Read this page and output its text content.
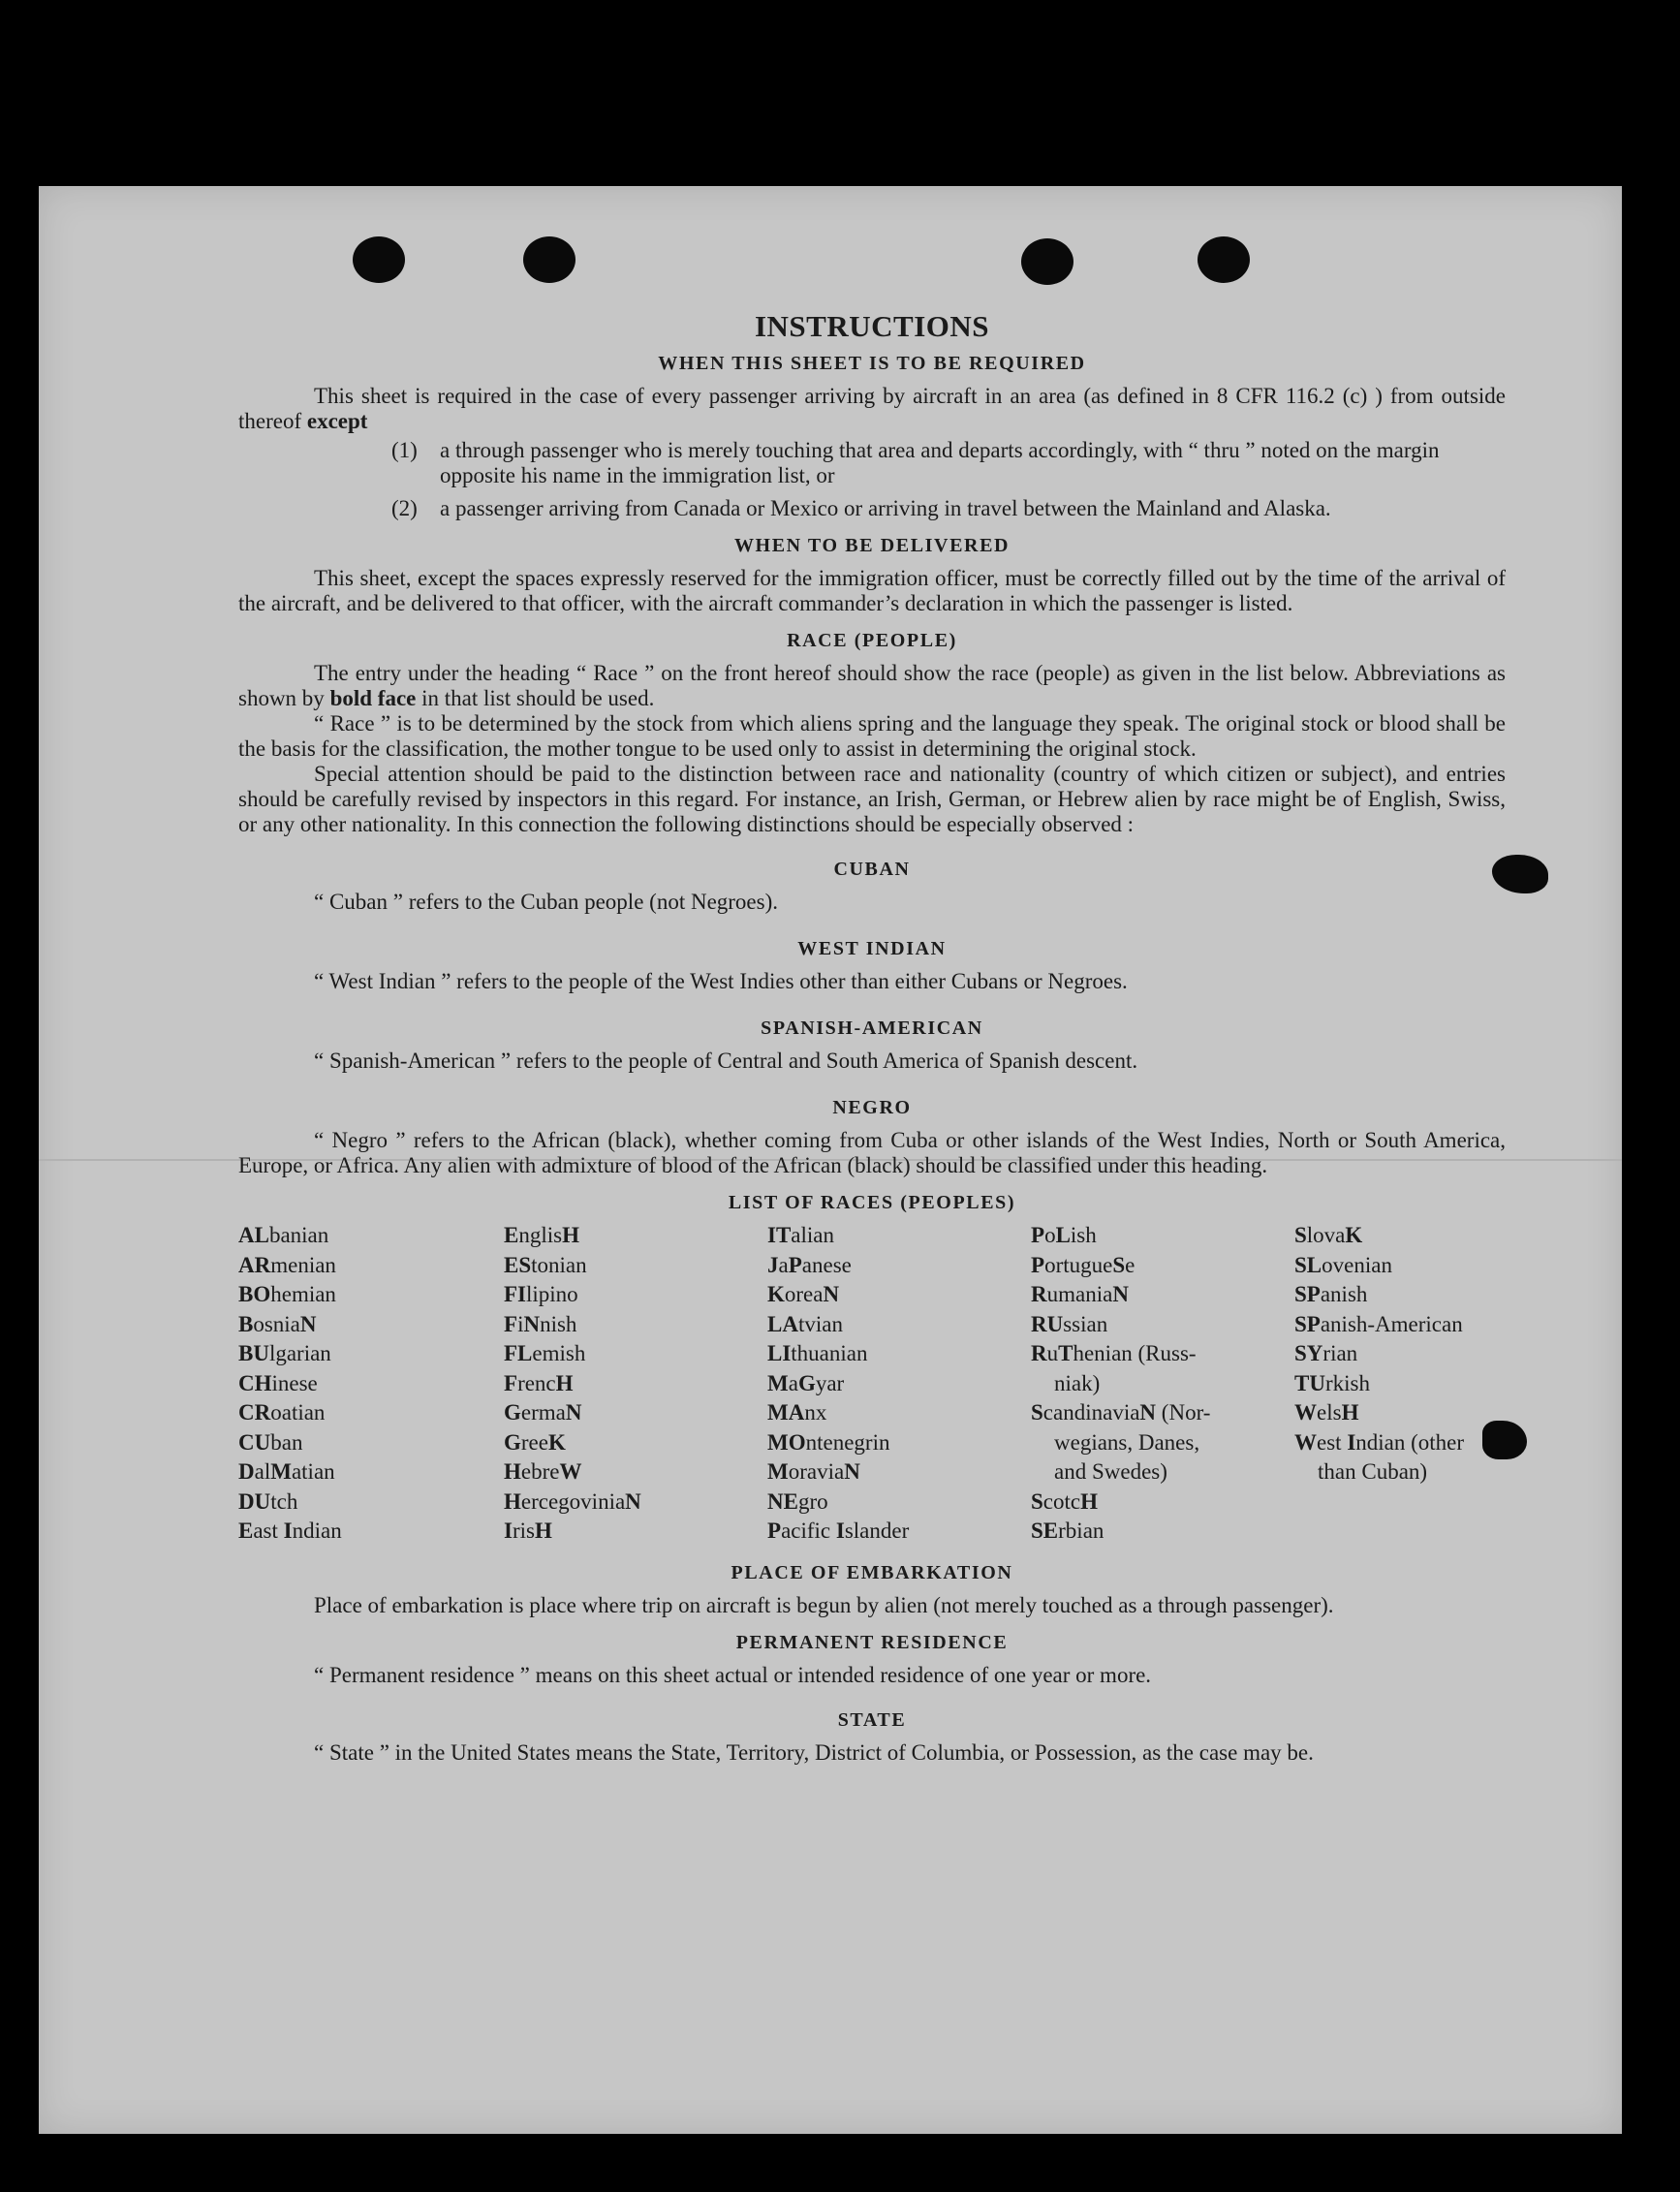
INSTRUCTIONS
WHEN THIS SHEET IS TO BE REQUIRED

This sheet is required in the case of every passenger arriving by aircraft in an area (as defined in 8 CFR 116.2 (c) ) from outside thereof except

(1)	a through passenger who is merely touching that area and departs accordingly, with “ thru ” noted on the margin opposite his name in the immigration list, or
(2)	a passenger arriving from Canada or Mexico or arriving in travel between the Mainland and Alaska.
WHEN TO BE DELIVERED

This sheet, except the spaces expressly reserved for the immigration officer, must be correctly filled out by the time of the arrival of the aircraft, and be delivered to that officer, with the aircraft commander’s declaration in which the passenger is listed.

RACE (PEOPLE)

The entry under the heading “ Race ” on the front hereof should show the race (people) as given in the list below. Abbreviations as shown by bold face in that list should be used.

“ Race ” is to be determined by the stock from which aliens spring and the language they speak. The original stock or blood shall be the basis for the classification, the mother tongue to be used only to assist in determining the original stock.

Special attention should be paid to the distinction between race and nationality (country of which citizen or subject), and entries should be carefully revised by inspectors in this regard. For instance, an Irish, German, or Hebrew alien by race might be of English, Swiss, or any other nationality. In this connection the following distinctions should be especially observed :

CUBAN

“ Cuban ” refers to the Cuban people (not Negroes).

WEST INDIAN

“ West Indian ” refers to the people of the West Indies other than either Cubans or Negroes.

SPANISH-AMERICAN

“ Spanish-American ” refers to the people of Central and South America of Spanish descent.

NEGRO

“ Negro ” refers to the African (black), whether coming from Cuba or other islands of the West Indies, North or South America, Europe, or Africa. Any alien with admixture of blood of the African (black) should be classified under this heading.

LIST OF RACES (PEOPLES)
ALbanian
ARmenian
BOhemian
BosniaN
BUlgarian
CHinese
CRoatian
CUban
DalMatian
DUtch
East Indian
EnglisH
EStonian
FIlipino
FiNnish
FLemish
FrencH
GermaN
GreeK
HebreW
HercegoviniaN
IrisH
ITalian
JaPanese
KoreaN
LAtvian
LIthuanian
MaGyar
MAnx
MOntenegrin
MoraviaN
NEgro
Pacific Islander
PoLish
PortugueSe
RumaniaN
RUssian
RuThenian (Russ-
niak)
ScandinaviaN (Nor-
wegians, Danes,
and Swedes)
ScotcH
SErbian
SlovaK
SLovenian
SPanish
SPanish-American
SYrian
TUrkish
WelsH
West Indian (other
than Cuban)
PLACE OF EMBARKATION

Place of embarkation is place where trip on aircraft is begun by alien (not merely touched as a through passenger).

PERMANENT RESIDENCE

“ Permanent residence ” means on this sheet actual or intended residence of one year or more.

STATE

“ State ” in the United States means the State, Territory, District of Columbia, or Possession, as the case may be.
